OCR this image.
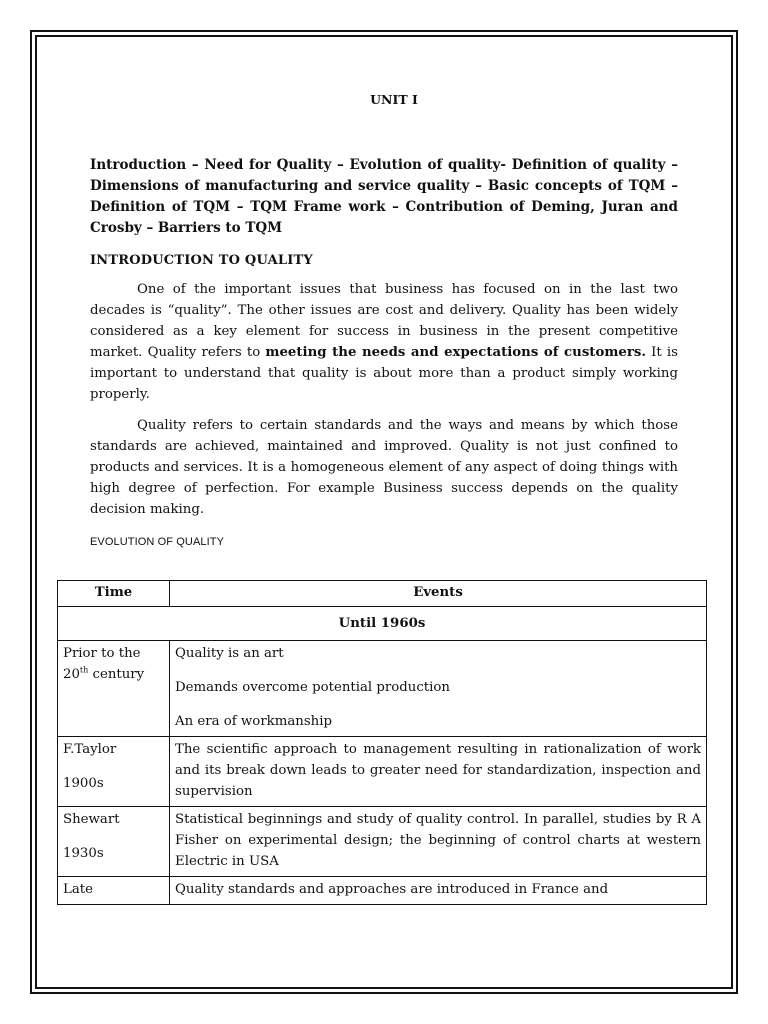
UNIT I

Introduction – Need for Quality – Evolution of quality- Definition of quality – Dimensions of manufacturing and service quality – Basic concepts of TQM – Definition of TQM – TQM Frame work – Contribution of Deming, Juran and Crosby – Barriers to TQM

INTRODUCTION TO QUALITY

One of the important issues that business has focused on in the last two decades is “quality”. The other issues are cost and delivery. Quality has been widely considered as a key element for success in business in the present competitive market. Quality refers to meeting the needs and expectations of customers. It is important to understand that quality is about more than a product simply working properly.

Quality refers to certain standards and the ways and means by which those standards are achieved, maintained and improved. Quality is not just confined to products and services. It is a homogeneous element of any aspect of doing things with high degree of perfection. For example Business success depends on the quality decision making.

EVOLUTION OF QUALITY
Time	Events
Until 1960s	

Prior to the
20th century	Quality is an art
Demands overcome potential production
An era of workmanship

F.Taylor
1900s	The scientific approach to management resulting in rationalization of work and its break down leads to greater need for standardization, inspection and supervision

Shewart
1930s	Statistical beginnings and study of quality control. In parallel, studies by R A Fisher on experimental design; the beginning of control charts at western Electric in USA
Late	Quality standards and approaches are introduced in France and
